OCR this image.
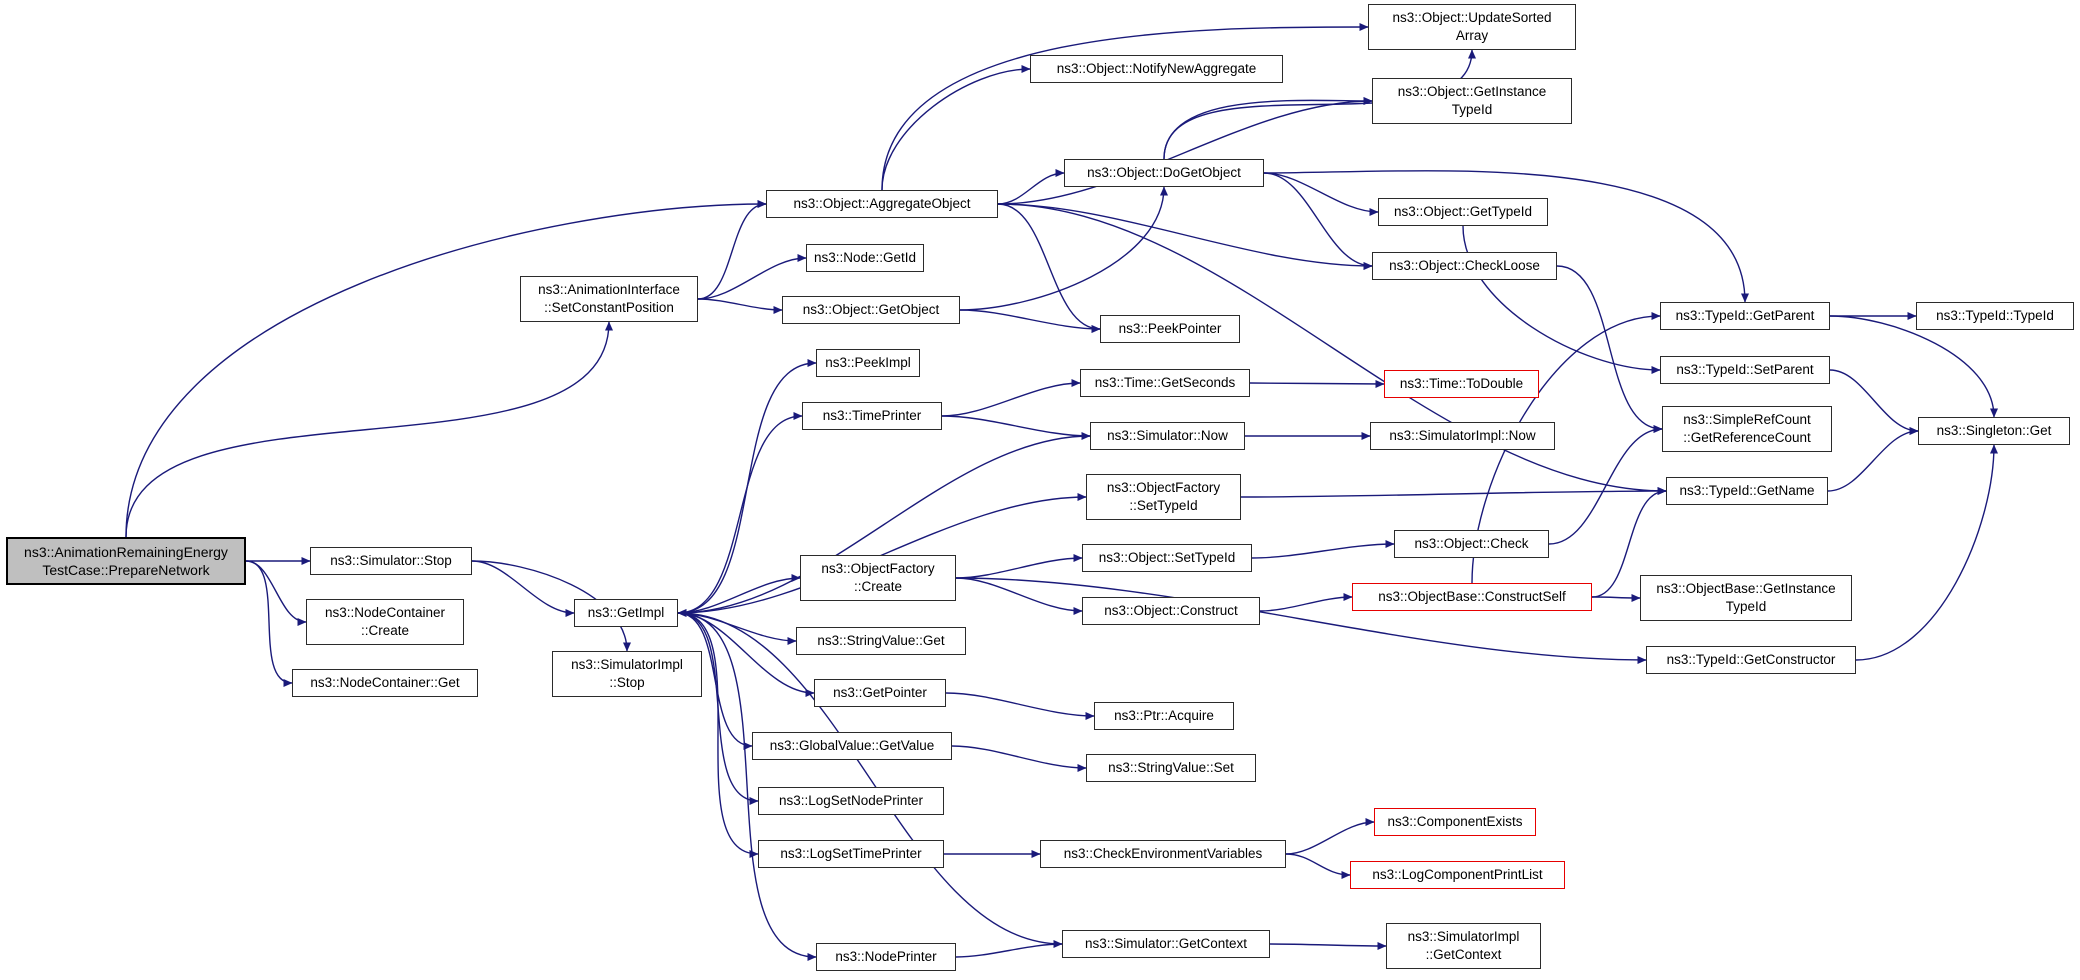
ns3::AnimationRemainingEnergy
TestCase::PrepareNetwork
ns3::Simulator::Stop
ns3::NodeContainer
::Create
ns3::NodeContainer::Get
ns3::GetImpl
ns3::SimulatorImpl
::Stop
ns3::AnimationInterface
::SetConstantPosition
ns3::Object::AggregateObject
ns3::Node::GetId
ns3::Object::GetObject
ns3::PeekImpl
ns3::TimePrinter
ns3::Object::NotifyNewAggregate
ns3::Object::DoGetObject
ns3::PeekPointer
ns3::Time::GetSeconds
ns3::Simulator::Now
ns3::ObjectFactory
::SetTypeId
ns3::ObjectFactory
::Create
ns3::Object::SetTypeId
ns3::Object::Construct
ns3::StringValue::Get
ns3::GetPointer
ns3::Ptr::Acquire
ns3::GlobalValue::GetValue
ns3::StringValue::Set
ns3::LogSetNodePrinter
ns3::LogSetTimePrinter	ns3::CheckEnvironmentVariables
ns3::NodePrinter
ns3::Simulator::GetContext
ns3::Object::UpdateSorted
Array
ns3::Object::GetInstance
TypeId
ns3::Object::GetTypeId
ns3::Object::CheckLoose
ns3::Time::ToDouble
ns3::SimulatorImpl::Now
ns3::Object::Check
ns3::ObjectBase::ConstructSelf
ns3::ComponentExists
ns3::LogComponentPrintList
ns3::SimulatorImpl
::GetContext
ns3::TypeId::GetParent
ns3::TypeId::SetParent
ns3::SimpleRefCount
::GetReferenceCount
ns3::TypeId::GetName
ns3::ObjectBase::GetInstance
TypeId
ns3::TypeId::GetConstructor
ns3::TypeId::TypeId
ns3::Singleton::Get
